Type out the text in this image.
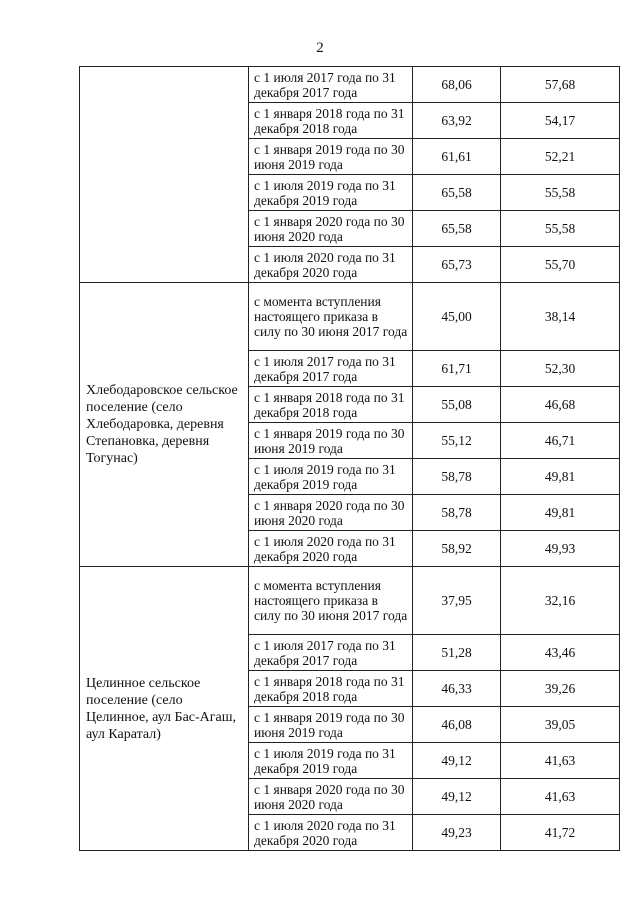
2
	с 1 июля 2017 года по 31 декабря 2017 года	68,06	57,68
	с 1 января 2018 года по 31 декабря 2018 года	63,92	54,17
	с 1 января 2019 года по 30 июня 2019 года	61,61	52,21
	с 1 июля 2019 года по 31 декабря 2019 года	65,58	55,58
	с 1 января 2020 года по 30 июня 2020 года	65,58	55,58
	с 1 июля 2020 года по 31 декабря 2020 года	65,73	55,70
Хлебодаровское сельское поселение (село Хлебодаровка, деревня Степановка, деревня Тогунас)	с момента вступления настоящего приказа в силу по 30 июня 2017 года	45,00	38,14
	с 1 июля 2017 года по 31 декабря 2017 года	61,71	52,30
	с 1 января 2018 года по 31 декабря 2018 года	55,08	46,68
	с 1 января 2019 года по 30 июня 2019 года	55,12	46,71
	с 1 июля 2019 года по 31 декабря 2019 года	58,78	49,81
	с 1 января 2020 года по 30 июня 2020 года	58,78	49,81
	с 1 июля 2020 года по 31 декабря 2020 года	58,92	49,93
Целинное сельское поселение (село Целинное, аул Бас-Агаш, аул Каратал)	с момента вступления настоящего приказа в силу по 30 июня 2017 года	37,95	32,16
	с 1 июля 2017 года по 31 декабря 2017 года	51,28	43,46
	с 1 января 2018 года по 31 декабря 2018 года	46,33	39,26
	с 1 января 2019 года по 30 июня 2019 года	46,08	39,05
	с 1 июля 2019 года по 31 декабря 2019 года	49,12	41,63
	с 1 января 2020 года по 30 июня 2020 года	49,12	41,63
	с 1 июля 2020 года по 31 декабря 2020 года	49,23	41,72
